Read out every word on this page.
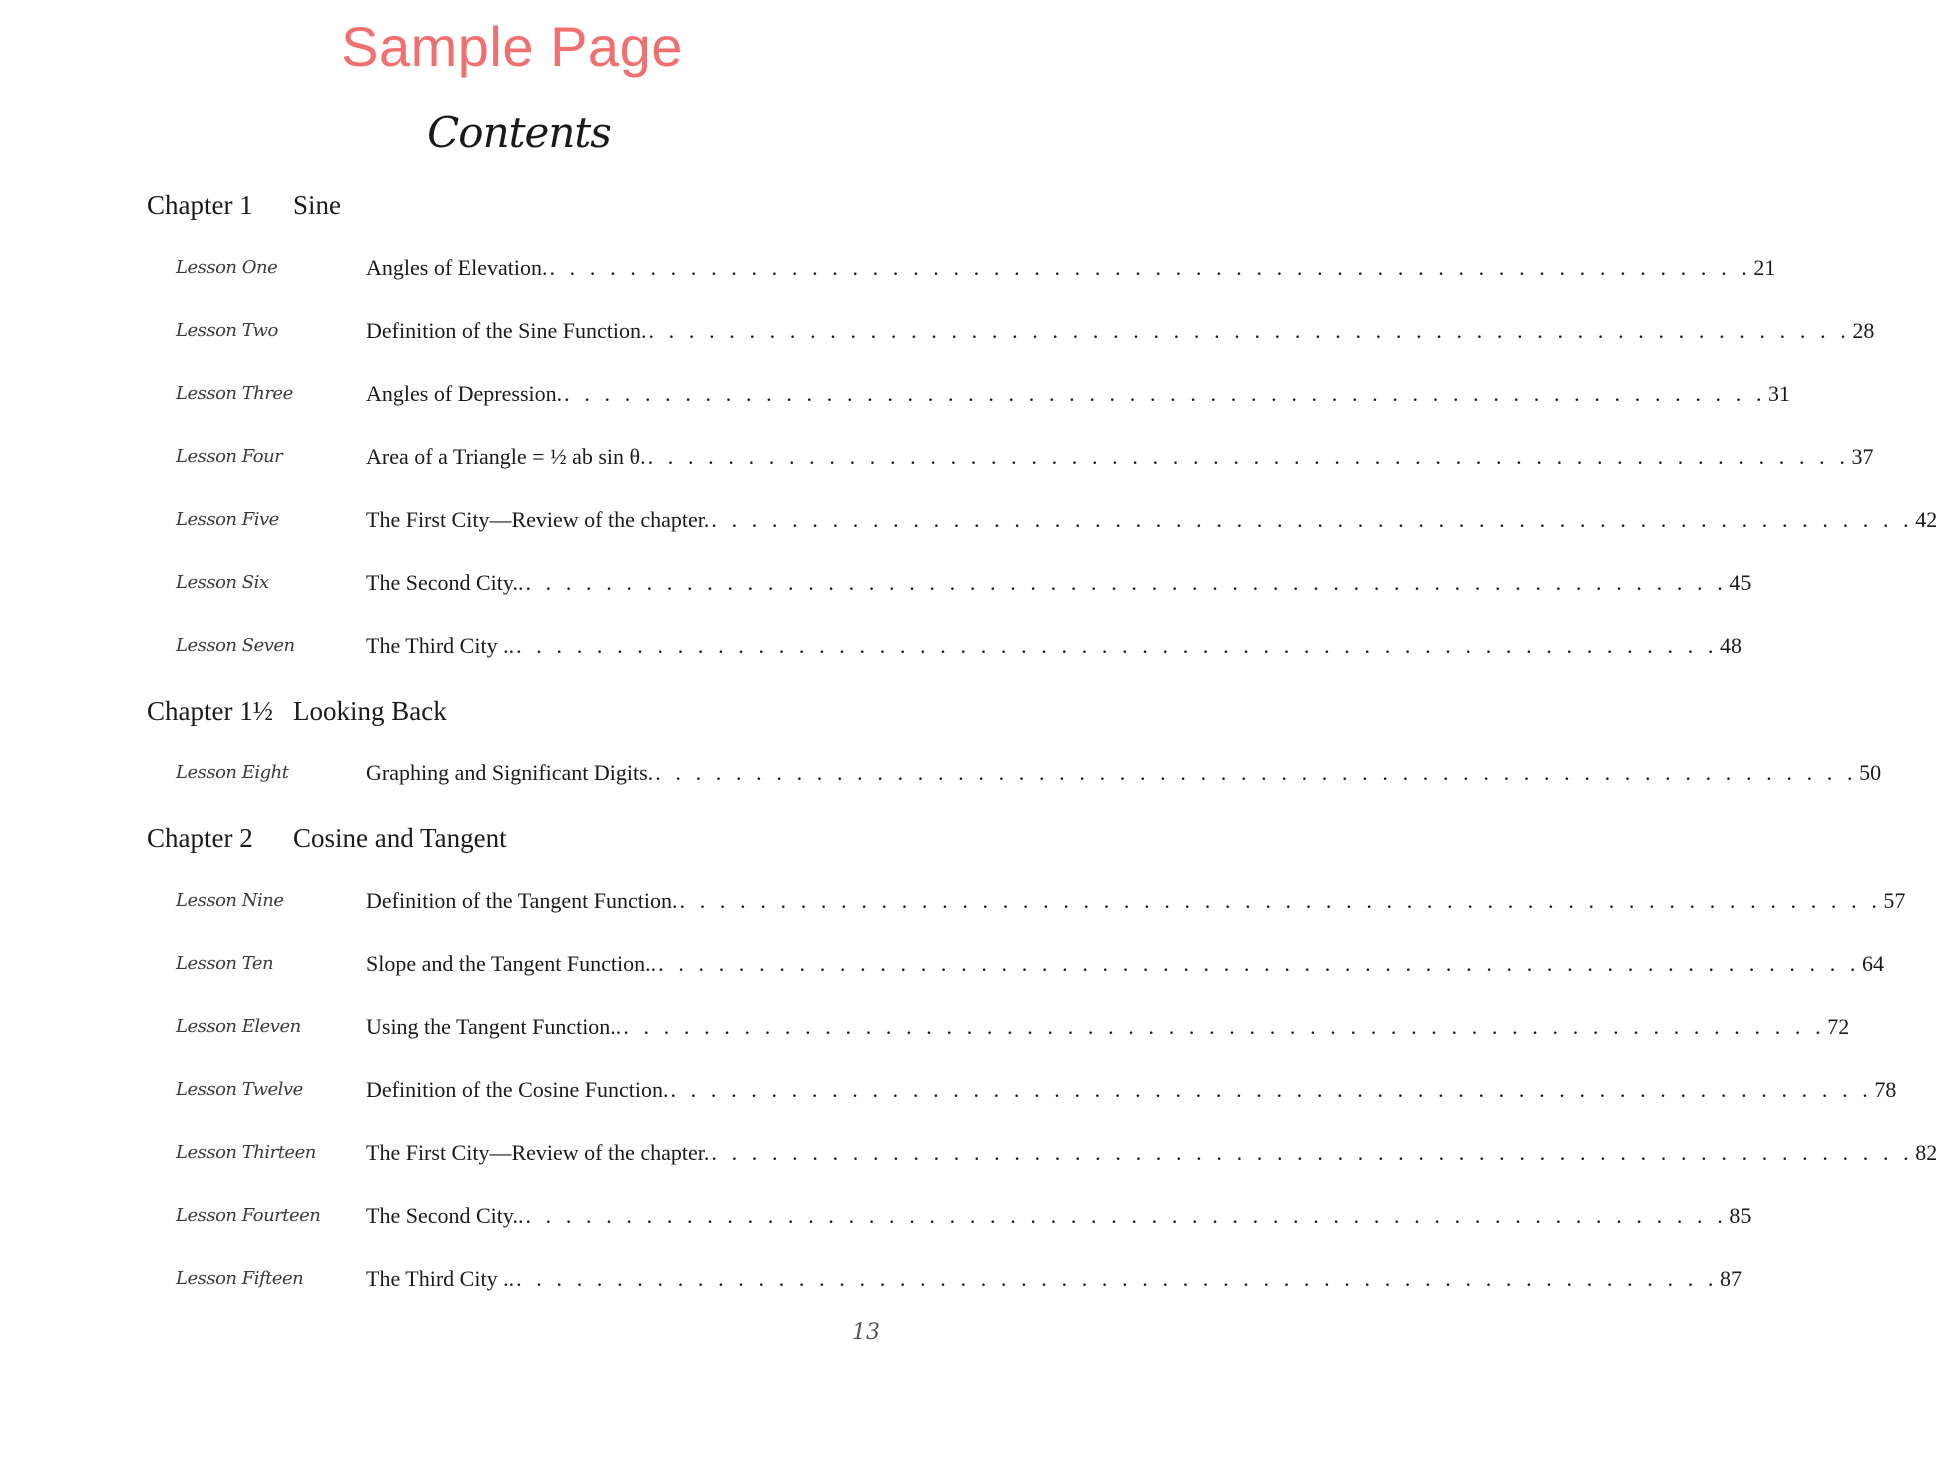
Sample Page
Contents
Chapter 1 Sine
Lesson One	Angles of Elevation. . . . . . . . . . . . . . . . . . . . . . . . . . . . . . . . . . . . . . . . . . . . . . . . . . . . . . . . . . . . . 21
Lesson Two	Definition of the Sine Function. . . . . . . . . . . . . . . . . . . . . . . . . . . . . . . . . . . . . . . . . . . . . . . . . . . . . . . . . . . . . 28
Lesson Three	Angles of Depression. . . . . . . . . . . . . . . . . . . . . . . . . . . . . . . . . . . . . . . . . . . . . . . . . . . . . . . . . . . . . 31
Lesson Four	Area of a Triangle = ½ ab sin θ. . . . . . . . . . . . . . . . . . . . . . . . . . . . . . . . . . . . . . . . . . . . . . . . . . . . . . . . . . . . . 37
Lesson Five	The First City—Review of the chapter. . . . . . . . . . . . . . . . . . . . . . . . . . . . . . . . . . . . . . . . . . . . . . . . . . . . . . . . . . . . . 42
Lesson Six	The Second City.. . . . . . . . . . . . . . . . . . . . . . . . . . . . . . . . . . . . . . . . . . . . . . . . . . . . . . . . . . . . . 45
Lesson Seven	The Third City .. . . . . . . . . . . . . . . . . . . . . . . . . . . . . . . . . . . . . . . . . . . . . . . . . . . . . . . . . . . . . 48
Chapter 1½ Looking Back
Lesson Eight	Graphing and Significant Digits. . . . . . . . . . . . . . . . . . . . . . . . . . . . . . . . . . . . . . . . . . . . . . . . . . . . . . . . . . . . . 50
Chapter 2 Cosine and Tangent
Lesson Nine	Definition of the Tangent Function. . . . . . . . . . . . . . . . . . . . . . . . . . . . . . . . . . . . . . . . . . . . . . . . . . . . . . . . . . . . . 57
Lesson Ten	Slope and the Tangent Function.. . . . . . . . . . . . . . . . . . . . . . . . . . . . . . . . . . . . . . . . . . . . . . . . . . . . . . . . . . . . . 64
Lesson Eleven	Using the Tangent Function.. . . . . . . . . . . . . . . . . . . . . . . . . . . . . . . . . . . . . . . . . . . . . . . . . . . . . . . . . . . . . 72
Lesson Twelve	Definition of the Cosine Function. . . . . . . . . . . . . . . . . . . . . . . . . . . . . . . . . . . . . . . . . . . . . . . . . . . . . . . . . . . . . 78
Lesson Thirteen The First City—Review of the chapter. . . . . . . . . . . . . . . . . . . . . . . . . . . . . . . . . . . . . . . . . . . . . . . . . . . . . . . . . . . . . 82
Lesson Fourteen The Second City.. . . . . . . . . . . . . . . . . . . . . . . . . . . . . . . . . . . . . . . . . . . . . . . . . . . . . . . . . . . . . 85
Lesson Fifteen	The Third City .. . . . . . . . . . . . . . . . . . . . . . . . . . . . . . . . . . . . . . . . . . . . . . . . . . . . . . . . . . . . . 87
13
